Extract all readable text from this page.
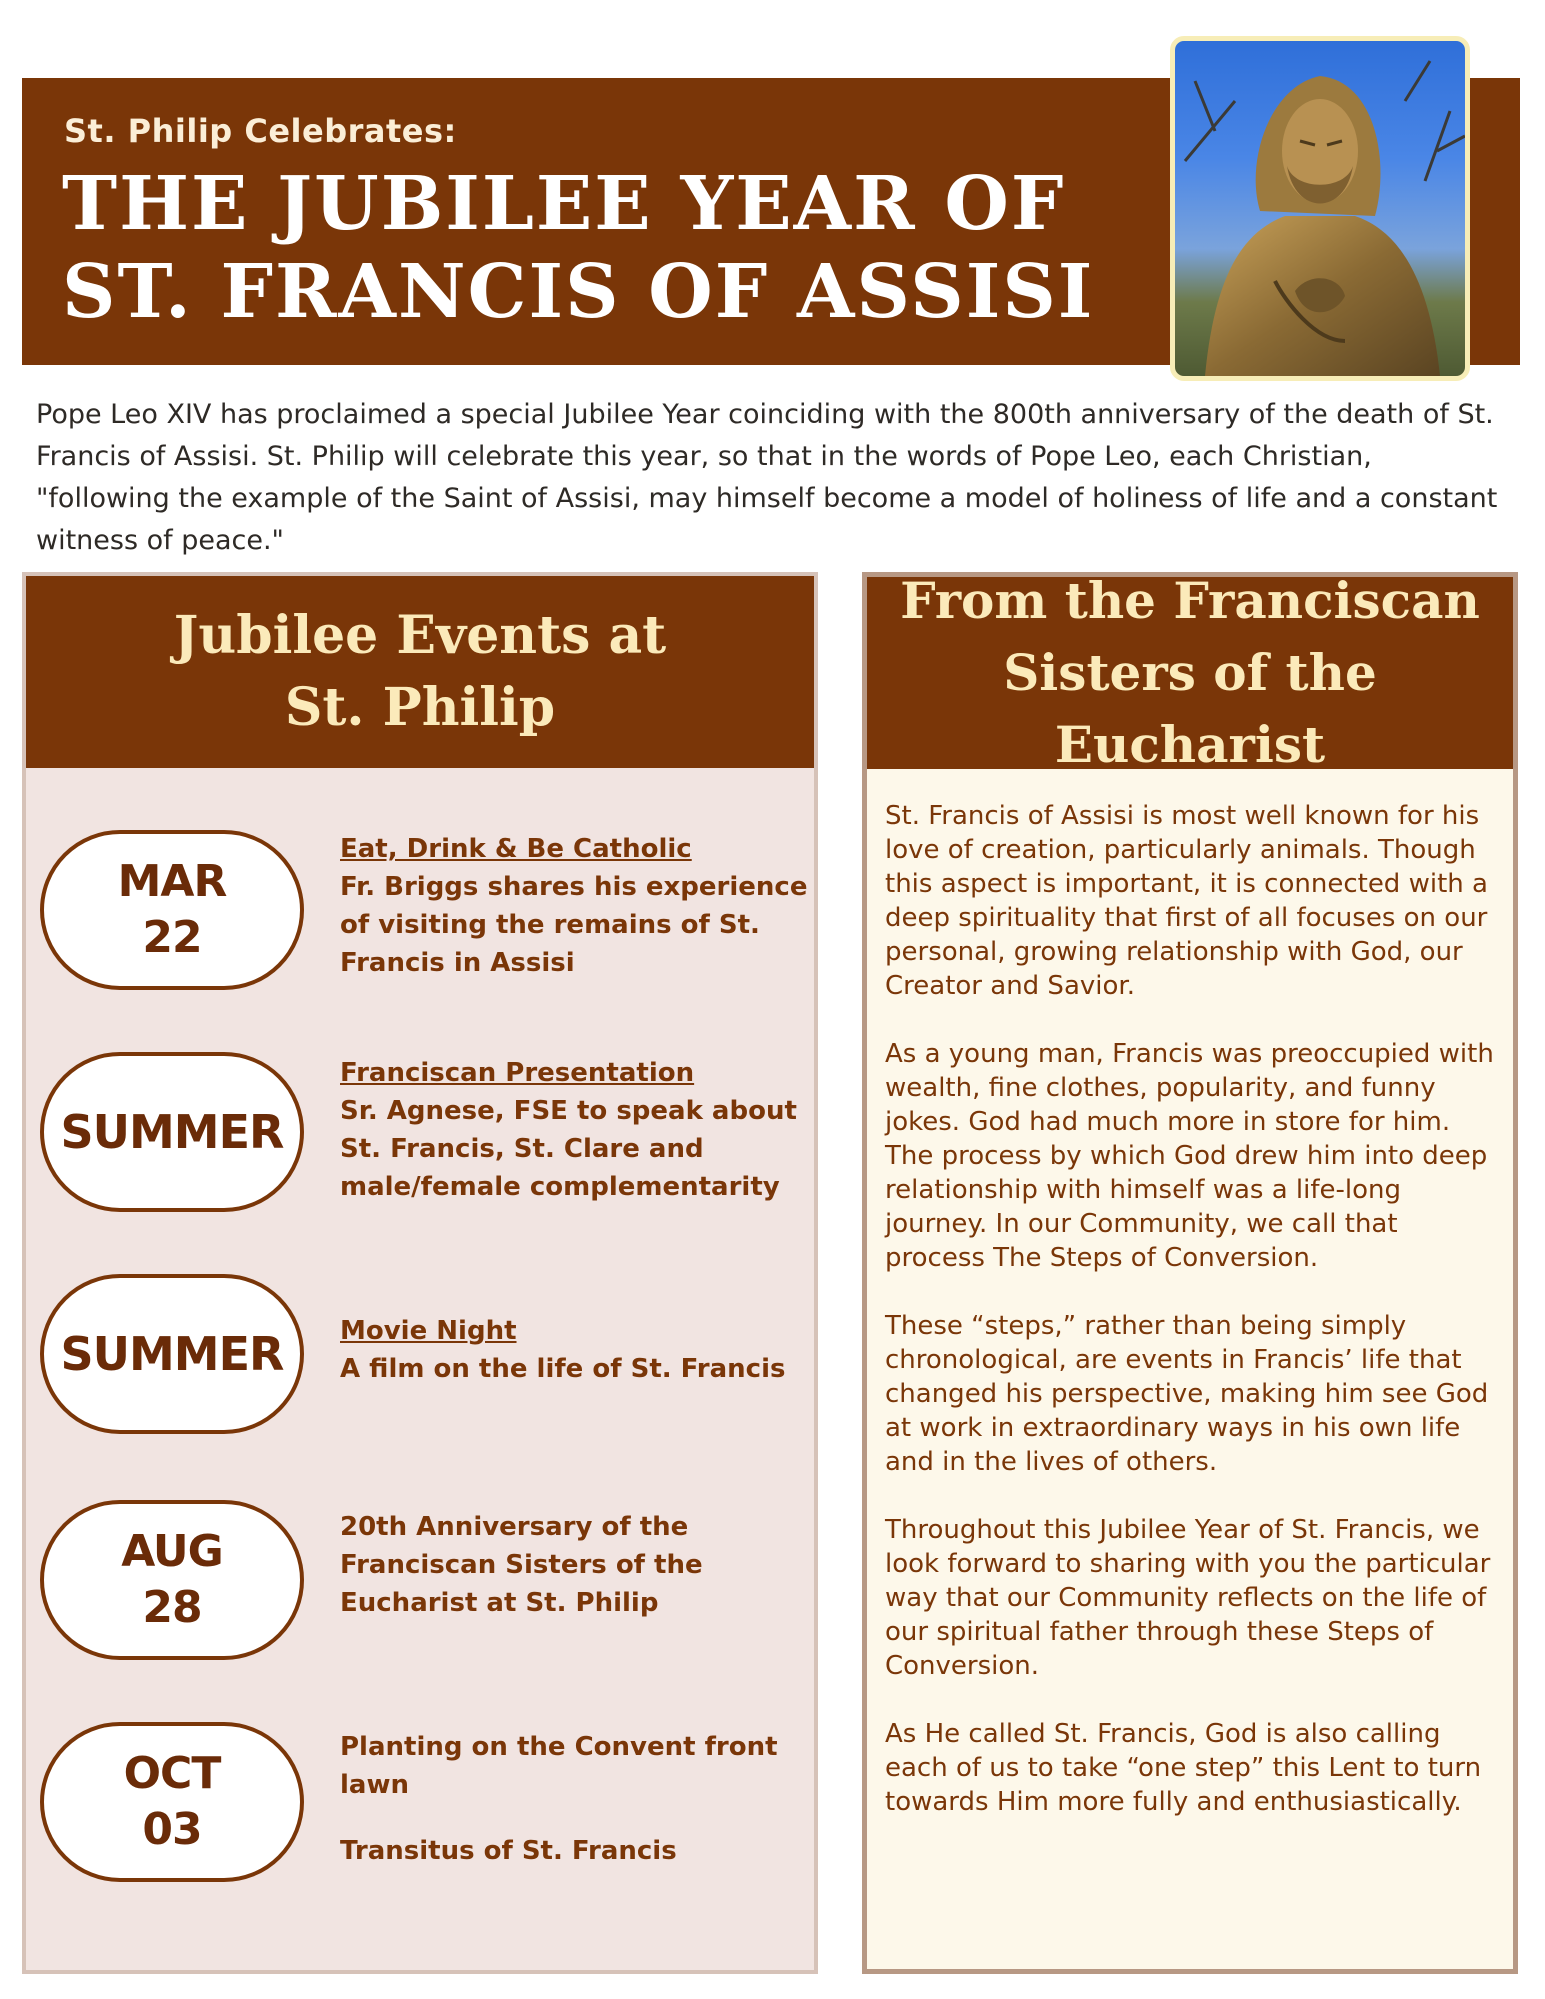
St. Philip Celebrates:
THE JUBILEE YEAR OF
ST. FRANCIS OF ASSISI
Pope Leo XIV has proclaimed a special Jubilee Year coinciding with the 800th anniversary of the death of St. Francis of Assisi. St. Philip will celebrate this year, so that in the words of Pope Leo, each Christian, "following the example of the Saint of Assisi, may himself become a model of holiness of life and a constant witness of peace."
Jubilee Events at
St. Philip
MAR
22
Eat, Drink & Be Catholic
Fr. Briggs shares his experience of visiting the remains of St. Francis in Assisi
SUMMER
Franciscan Presentation
Sr. Agnese, FSE to speak about St. Francis, St. Clare and male/female complementarity
SUMMER Movie Night
A film on the life of St. Francis
AUG
28
20th Anniversary of the Franciscan Sisters of the Eucharist at St. Philip
OCT
03
Planting on the Convent front lawn
Transitus of St. Francis
From the Franciscan
Sisters of the Eucharist

St. Francis of Assisi is most well known for his love of creation, particularly animals. Though this aspect is important, it is connected with a deep spirituality that first of all focuses on our personal, growing relationship with God, our Creator and Savior.

As a young man, Francis was preoccupied with wealth, fine clothes, popularity, and funny jokes. God had much more in store for him. The process by which God drew him into deep relationship with himself was a life-long journey. In our Community, we call that process The Steps of Conversion.

These “steps,” rather than being simply chronological, are events in Francis’ life that changed his perspective, making him see God at work in extraordinary ways in his own life and in the lives of others.

Throughout this Jubilee Year of St. Francis, we look forward to sharing with you the particular way that our Community reflects on the life of our spiritual father through these Steps of Conversion.

As He called St. Francis, God is also calling each of us to take “one step” this Lent to turn towards Him more fully and enthusiastically.
